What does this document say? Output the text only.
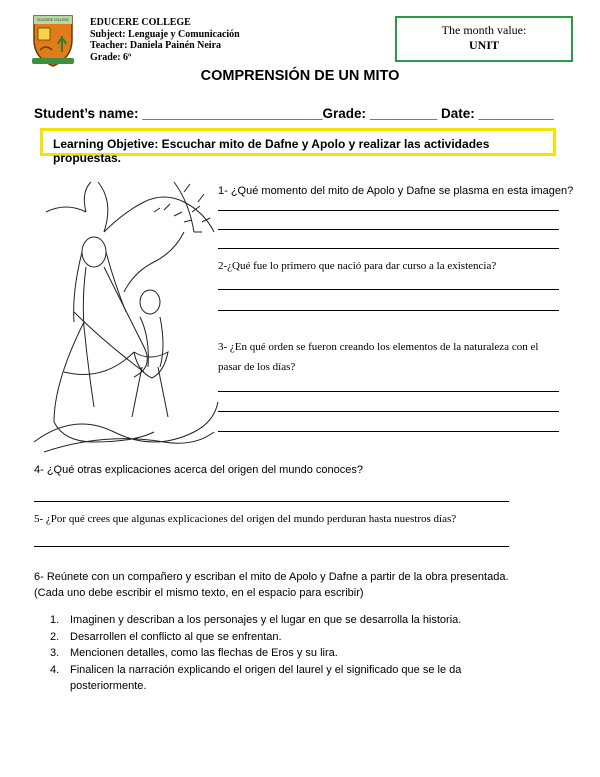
EDUCERE COLLEGE EDUCERE COLLEGE
Subject: Lenguaje y Comunicación
Teacher: Daniela Painén Neira
Grade: 6º
The month value:
UNIT
COMPRENSIÓN DE UN MITO
Student’s name: ________________________Grade: _________ Date: __________
Learning Objetive: Escuchar mito de Dafne y Apolo y realizar las actividades propuestas.
1- ¿Qué momento del mito de Apolo y Dafne se plasma en esta imagen?
2-¿Qué fue lo primero que nació para dar curso a la existencia?
3- ¿En qué orden se fueron creando los elementos de la naturaleza con el
pasar de los días?
4- ¿Qué otras explicaciones acerca del origen del mundo conoces?
5- ¿Por qué crees que algunas explicaciones del origen del mundo perduran hasta nuestros días?
6- Reúnete con un compañero y escriban el mito de Apolo y Dafne a partir de la obra presentada.
(Cada uno debe escribir el mismo texto, en el espacio para escribir)
1. Imaginen y describan a los personajes y el lugar en que se desarrolla la historia.
2. Desarrollen el conflicto al que se enfrentan.
3. Mencionen detalles, como las flechas de Eros y su lira.
4. Finalicen la narración explicando el origen del laurel y el significado que se le da
posteriormente.
